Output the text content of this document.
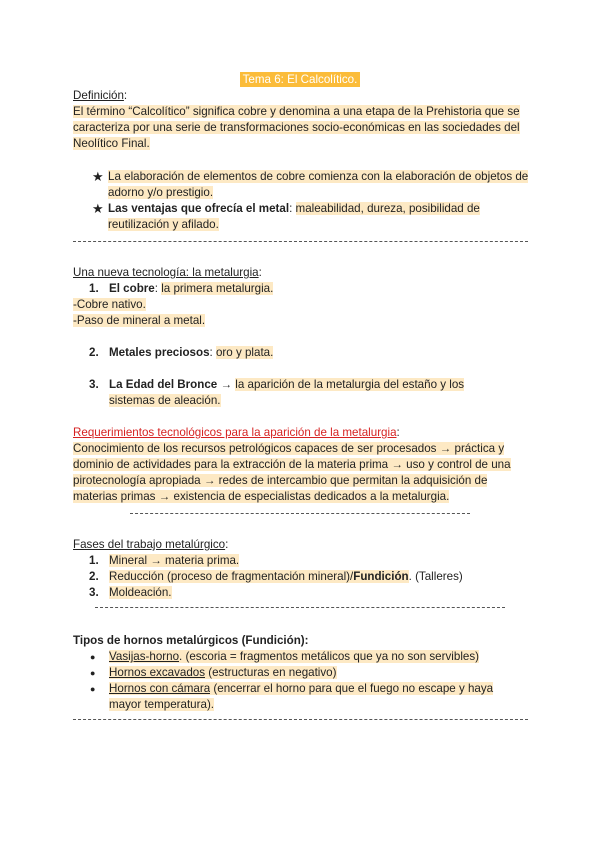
Tema 6: El Calcolítico.
Definición:
El término “Calcolítico” significa cobre y denomina a una etapa de la Prehistoria que se caracteriza por una serie de transformaciones socio-económicas en las sociedades del Neolítico Final.
★ La elaboración de elementos de cobre comienza con la elaboración de objetos de adorno y/o prestigio.
★ Las ventajas que ofrecía el metal: maleabilidad, dureza, posibilidad de reutilización y afilado.
Una nueva tecnología: la metalurgia:
1. El cobre: la primera metalurgia.
-Cobre nativo.
-Paso de mineral a metal.
2. Metales preciosos: oro y plata.
3. La Edad del Bronce → la aparición de la metalurgia del estaño y los sistemas de aleación.
Requerimientos tecnológicos para la aparición de la metalurgia:
Conocimiento de los recursos petrológicos capaces de ser procesados → práctica y dominio de actividades para la extracción de la materia prima → uso y control de una pirotecnología apropiada → redes de intercambio que permitan la adquisición de materias primas → existencia de especialistas dedicados a la metalurgia.
Fases del trabajo metalúrgico:
1. Mineral → materia prima.
2. Reducción (proceso de fragmentación mineral)/Fundición. (Talleres)
3. Moldeación.
Tipos de hornos metalúrgicos (Fundición):
●	Vasijas-horno. (escoria = fragmentos metálicos que ya no son servibles)
●	Hornos excavados (estructuras en negativo)
●	Hornos con cámara (encerrar el horno para que el fuego no escape y haya mayor temperatura).
